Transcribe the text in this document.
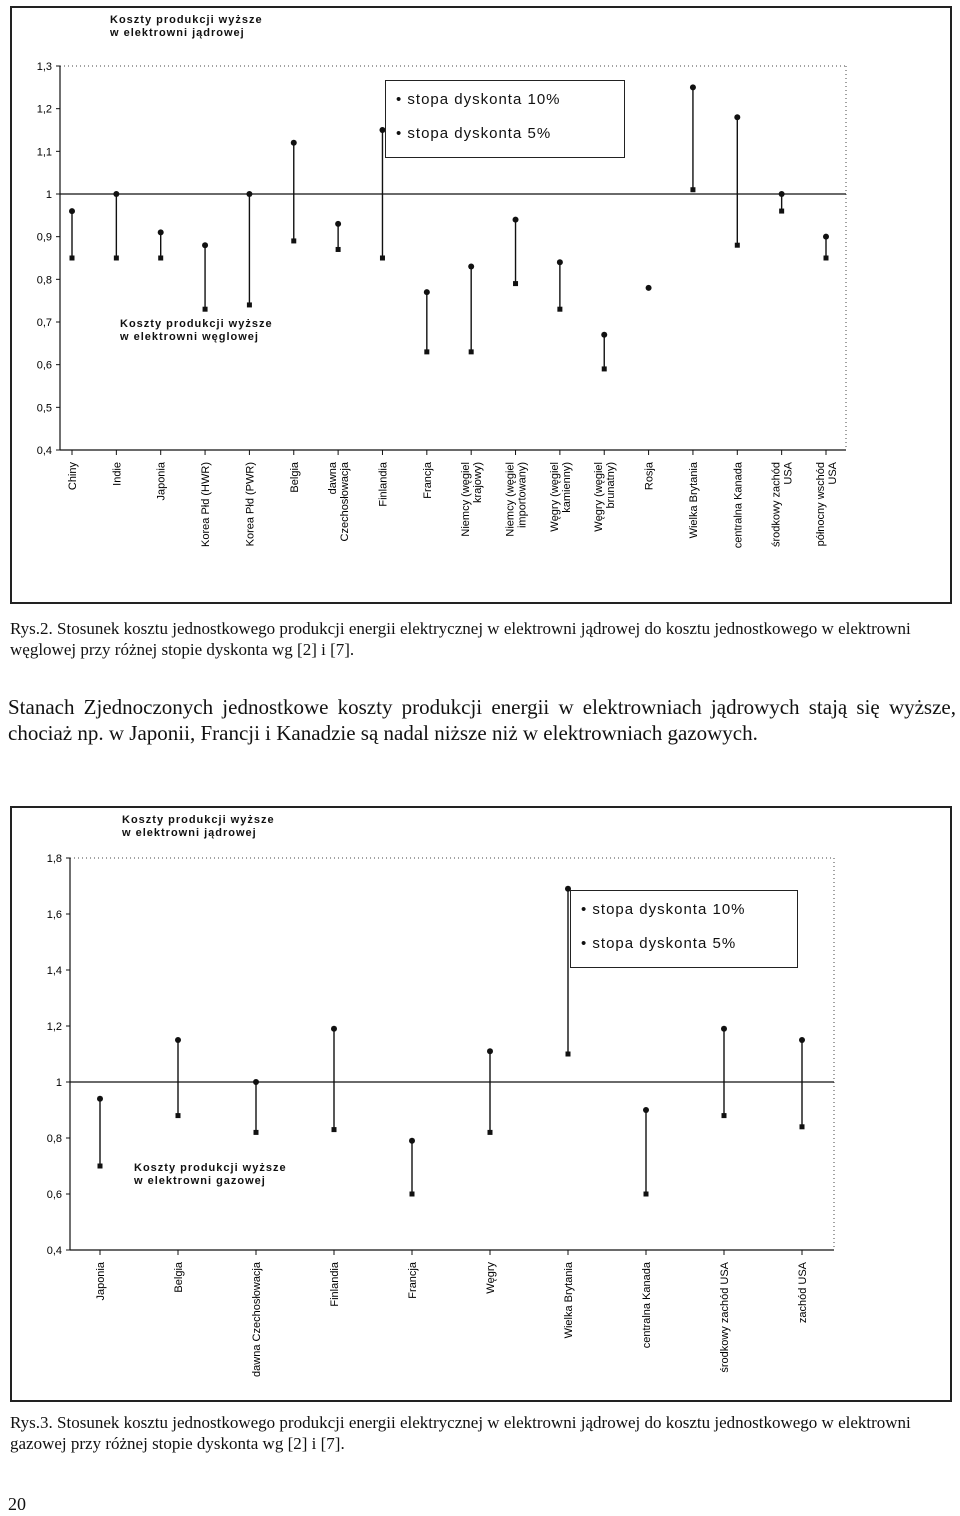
0,4
0,5
0,6
0,7
0,8
0,9
1
1,1
1,2
1,3
Chiny	Indie	Japonia	Korea Płd (HWR)	Korea Płd (PWR)	Belgia dawnaCzechosłowacja Finlandia	Francja Niemcy (węgielkrajowy) Niemcy (węgielimportowany) Węgry (węgielkamienny) Węgry (węgielbrunatny) Rosja	Wielka Brytania	centralna Kanada środkowy zachódUSA północny wschódUSA
Koszty produkcji wyższe
w elektrowni jądrowej
Koszty produkcji wyższe
w elektrowni węglowej
• stopa dyskonta 10%
• stopa dyskonta 5%
Rys.2. Stosunek kosztu jednostkowego produkcji energii elektrycznej w elektrowni jądrowej do kosztu jednostkowego w elektrowni węglowej przy różnej stopie dyskonta wg [2] i [7].
Stanach Zjednoczonych jednostkowe koszty produkcji energii w elektrowniach jądrowych stają się wyższe, chociaż np. w Japonii, Francji i Kanadzie są nadal niższe niż w elektrowniach gazowych.
0,4
0,6
0,8
1
1,2
1,4
1,6
1,8
Japonia	Belgia	dawna Czechosłowacja	Finlandia	Francja	Węgry	Wielka Brytania	centralna Kanada	środkowy zachód USA	zachód USA
Koszty produkcji wyższe
w elektrowni jądrowej
Koszty produkcji wyższe
w elektrowni gazowej
• stopa dyskonta 10%
• stopa dyskonta 5%
Rys.3. Stosunek kosztu jednostkowego produkcji energii elektrycznej w elektrowni jądrowej do kosztu jednostkowego w elektrowni gazowej przy różnej stopie dyskonta wg [2] i [7].
20
